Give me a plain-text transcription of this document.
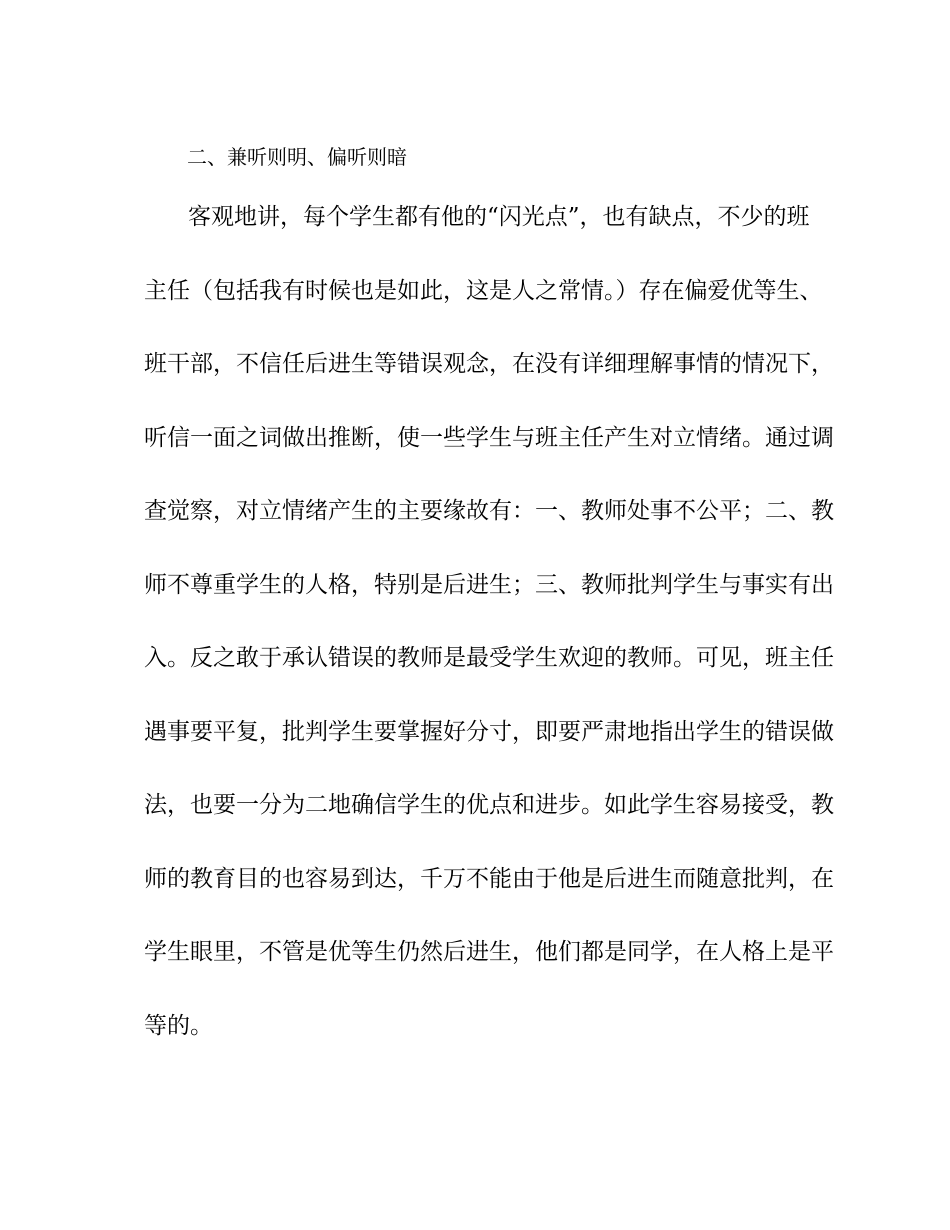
二、兼听则明、偏听则暗
客观地讲，每个学生都有他的“闪光点”，也有缺点，不少的班
主任（包括我有时候也是如此，这是人之常情。）存在偏爱优等生、
班干部，不信任后进生等错误观念，在没有详细理解事情的情况下，
听信一面之词做出推断，使一些学生与班主任产生对立情绪。通过调
查觉察，对立情绪产生的主要缘故有：一、教师处事不公平；二、教
师不尊重学生的人格，特别是后进生；三、教师批判学生与事实有出
入。反之敢于承认错误的教师是最受学生欢迎的教师。可见，班主任
遇事要平复，批判学生要掌握好分寸，即要严肃地指出学生的错误做
法，也要一分为二地确信学生的优点和进步。如此学生容易接受，教
师的教育目的也容易到达，千万不能由于他是后进生而随意批判，在
学生眼里，不管是优等生仍然后进生，他们都是同学，在人格上是平
等的。
